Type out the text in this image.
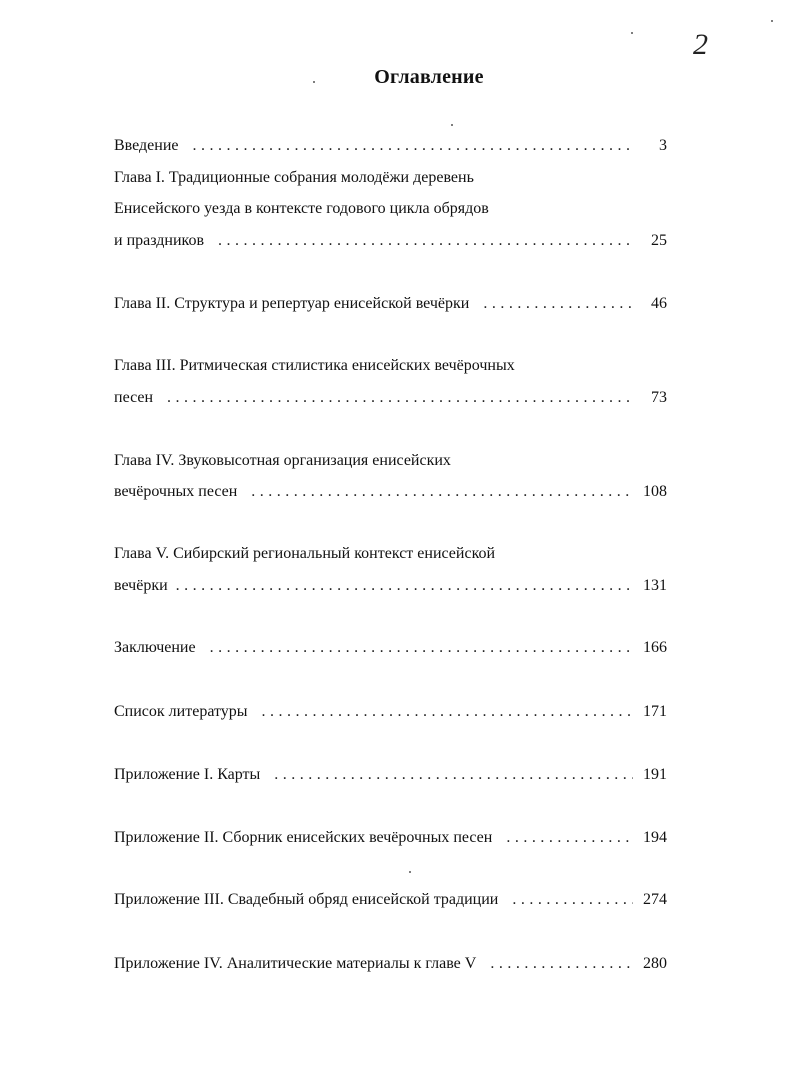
2
Оглавление
Введение . . .	3
Глава I. Традиционные собрания молодёжи деревень
Енисейского уезда в контексте годового цикла обрядов
и праздников . . .	25
Глава II. Структура и репертуар енисейской вечёрки . . .	46
Глава III. Ритмическая стилистика енисейских вечёрочных
песен . . .	73
Глава IV. Звуковысотная организация енисейских
вечёрочных песен . . .	108
Глава V. Сибирский региональный контекст енисейской
вечёрки . . .	131
Заключение . . .	166
Список литературы . . .	171
Приложение I. Карты . . .	191
Приложение II. Сборник енисейских вечёрочных песен . . .	194
Приложение III. Свадебный обряд енисейской традиции . . .	274
Приложение IV. Аналитические материалы к главе V . . .	280
